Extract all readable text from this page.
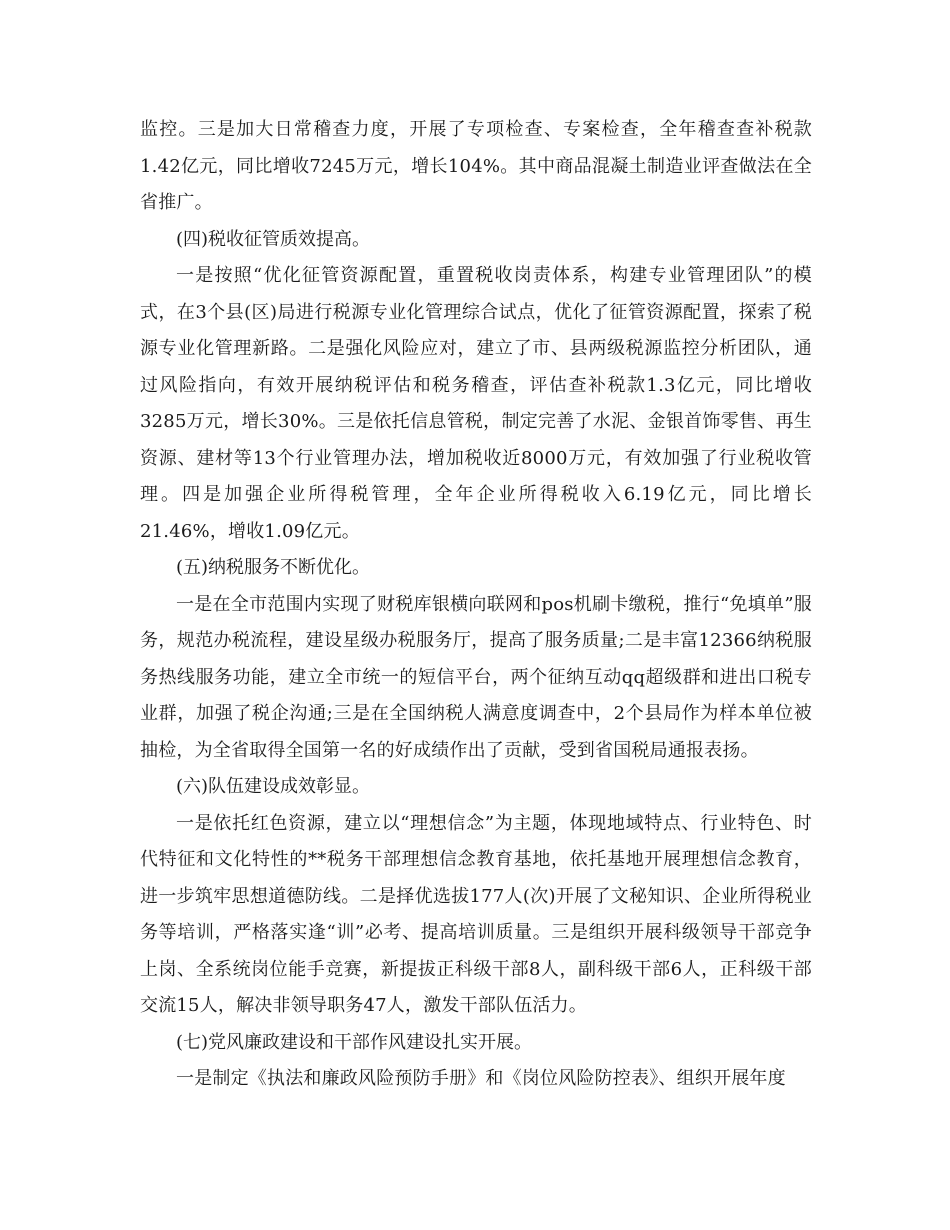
监控。三是加大日常稽查力度，开展了专项检查、专案检查，全年稽查查补税款1.42亿元，同比增收7245万元，增长104%。其中商品混凝土制造业评查做法在全省推广。

(四)税收征管质效提高。

一是按照“优化征管资源配置，重置税收岗责体系，构建专业管理团队”的模式，在3个县(区)局进行税源专业化管理综合试点，优化了征管资源配置，探索了税源专业化管理新路。二是强化风险应对，建立了市、县两级税源监控分析团队，通过风险指向，有效开展纳税评估和税务稽查，评估查补税款1.3亿元，同比增收3285万元，增长30%。三是依托信息管税，制定完善了水泥、金银首饰零售、再生资源、建材等13个行业管理办法，增加税收近8000万元，有效加强了行业税收管理。四是加强企业所得税管理，全年企业所得税收入6.19亿元，同比增长21.46%，增收1.09亿元。

(五)纳税服务不断优化。

一是在全市范围内实现了财税库银横向联网和pos机刷卡缴税，推行“免填单”服务，规范办税流程，建设星级办税服务厅，提高了服务质量;二是丰富12366纳税服务热线服务功能，建立全市统一的短信平台，两个征纳互动qq超级群和进出口税专业群，加强了税企沟通;三是在全国纳税人满意度调查中，2个县局作为样本单位被抽检，为全省取得全国第一名的好成绩作出了贡献，受到省国税局通报表扬。

(六)队伍建设成效彰显。

一是依托红色资源，建立以“理想信念”为主题，体现地域特点、行业特色、时代特征和文化特性的**税务干部理想信念教育基地，依托基地开展理想信念教育，进一步筑牢思想道德防线。二是择优选拔177人(次)开展了文秘知识、企业所得税业务等培训，严格落实逢“训”必考、提高培训质量。三是组织开展科级领导干部竞争上岗、全系统岗位能手竞赛，新提拔正科级干部8人，副科级干部6人，正科级干部交流15人，解决非领导职务47人，激发干部队伍活力。

(七)党风廉政建设和干部作风建设扎实开展。

一是制定《执法和廉政风险预防手册》和《岗位风险防控表》、组织开展年度
